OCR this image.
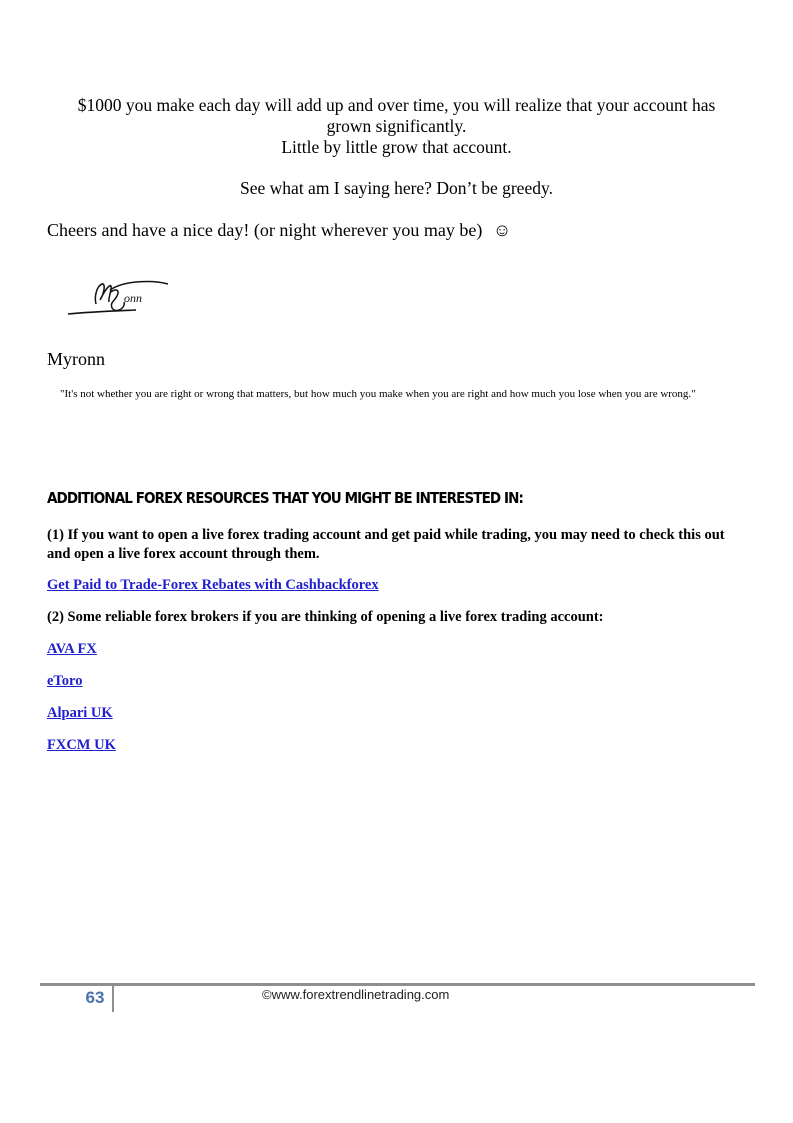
$1000 you make each day will add up and over time, you will realize that your account has
grown significantly.
Little by little grow that account.
See what am I saying here? Don’t be greedy.
Cheers and have a nice day! (or night wherever you may be) ☺
onn
Myronn
"It's not whether you are right or wrong that matters, but how much you make when you are right and how much you lose when you are wrong."
ADDITIONAL FOREX RESOURCES THAT YOU MIGHT BE INTERESTED IN:
(1) If you want to open a live forex trading account and get paid while trading, you may need to check this out and open a live forex account through them.
Get Paid to Trade-Forex Rebates with Cashbackforex
(2) Some reliable forex brokers if you are thinking of opening a live forex trading account:
AVA FX
eToro
Alpari UK
FXCM UK
63	©www.forextrendlinetrading.com
